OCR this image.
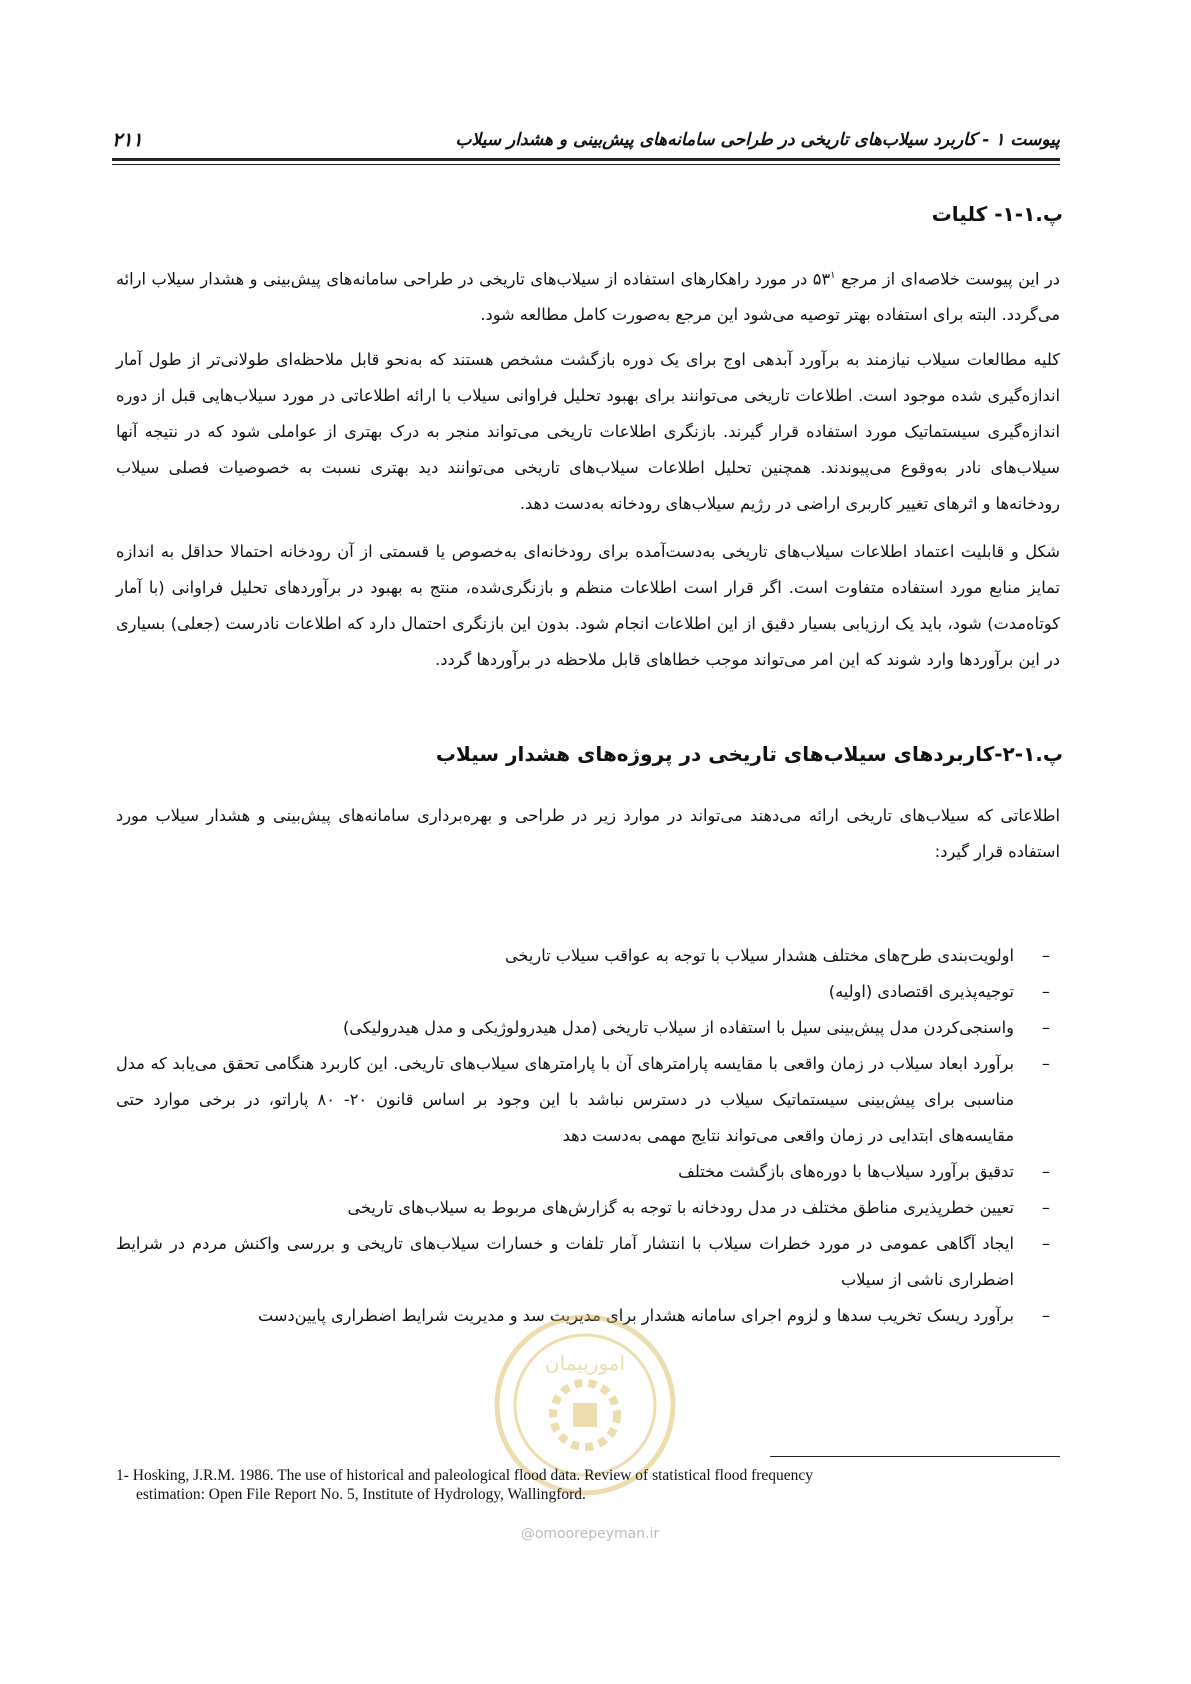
۲۱۱	پیوست ۱ - کاربرد سیلاب‌های تاریخی در طراحی سامانه‌های پیش‌بینی و هشدار سیلاب
پ.۱-۱- کلیات

در این پیوست خلاصه‌ای از مرجع $۵۳^۱$ در مورد راهکارهای استفاده از سیلاب‌های تاریخی در طراحی سامانه‌های پیش‌بینی و هشدار سیلاب ارائه می‌گردد. البته برای استفاده بهتر توصیه می‌شود این مرجع به‌صورت کامل مطالعه شود.

کلیه مطالعات سیلاب نیازمند به برآورد آبدهی اوج برای یک دوره بازگشت مشخص هستند که به‌نحو قابل ملاحظه‌ای طولانی‌تر از طول آمار اندازه‌گیری شده موجود است. اطلاعات تاریخی می‌توانند برای بهبود تحلیل فراوانی سیلاب با ارائه اطلاعاتی در مورد سیلاب‌هایی قبل از دوره اندازه‌گیری سیستماتیک مورد استفاده قرار گیرند. بازنگری اطلاعات تاریخی می‌تواند منجر به درک بهتری از عواملی شود که در نتیجه آنها سیلاب‌های نادر به‌وقوع می‌پیوندند. همچنین تحلیل اطلاعات سیلاب‌های تاریخی می‌توانند دید بهتری نسبت به خصوصیات فصلی سیلاب رودخانه‌ها و اثرهای تغییر کاربری اراضی در رژیم سیلاب‌های رودخانه به‌دست دهد.

شکل و قابلیت اعتماد اطلاعات سیلاب‌های تاریخی به‌دست‌آمده برای رودخانه‌ای به‌خصوص یا قسمتی از آن رودخانه احتمالا حداقل به اندازه تمایز منابع مورد استفاده متفاوت است. اگر قرار است اطلاعات منظم و بازنگری‌شده، منتج به بهبود در برآوردهای تحلیل فراوانی (با آمار کوتاه‌مدت) شود، باید یک ارزیابی بسیار دقیق از این اطلاعات انجام شود. بدون این بازنگری احتمال دارد که اطلاعات نادرست (جعلی) بسیاری در این برآوردها وارد شوند که این امر می‌تواند موجب خطاهای قابل ملاحظه در برآوردها گردد.

پ.۱-۲-کاربردهای سیلاب‌های تاریخی در پروژه‌های هشدار سیلاب

اطلاعاتی که سیلاب‌های تاریخی ارائه می‌دهند می‌تواند در موارد زیر در طراحی و بهره‌برداری سامانه‌های پیش‌بینی و هشدار سیلاب مورد استفاده قرار گیرد:

– اولویت‌بندی طرح‌های مختلف هشدار سیلاب با توجه به عواقب سیلاب تاریخی
– توجیه‌پذیری اقتصادی (اولیه)
– واسنجی‌کردن مدل پیش‌بینی سیل با استفاده از سیلاب تاریخی (مدل هیدرولوژیکی و مدل هیدرولیکی)
– برآورد ابعاد سیلاب در زمان واقعی با مقایسه پارامترهای آن با پارامترهای سیلاب‌های تاریخی. این کاربرد هنگامی تحقق می‌یابد که مدل مناسبی برای پیش‌بینی سیستماتیک سیلاب در دسترس نباشد با این وجود بر اساس قانون ۲۰- ۸۰ پاراتو، در برخی موارد حتی مقایسه‌های ابتدایی در زمان واقعی می‌تواند نتایج مهمی به‌دست دهد
– تدقیق برآورد سیلاب‌ها با دوره‌های بازگشت مختلف
– تعیین خطرپذیری مناطق مختلف در مدل رودخانه با توجه به گزارش‌های مربوط به سیلاب‌های تاریخی
– ایجاد آگاهی عمومی در مورد خطرات سیلاب با انتشار آمار تلفات و خسارات سیلاب‌های تاریخی و بررسی واکنش مردم در شرایط اضطراری ناشی از سیلاب
– برآورد ریسک تخریب سدها و لزوم اجرای سامانه هشدار برای مدیریت سد و مدیریت شرایط اضطراری پایین‌دست
امورپیمان
1- Hosking, J.R.M. 1986. The use of historical and paleological flood data. Review of statistical flood frequency
estimation: Open File Report No. 5, Institute of Hydrology, Wallingford.
@omoorepeyman.ir
